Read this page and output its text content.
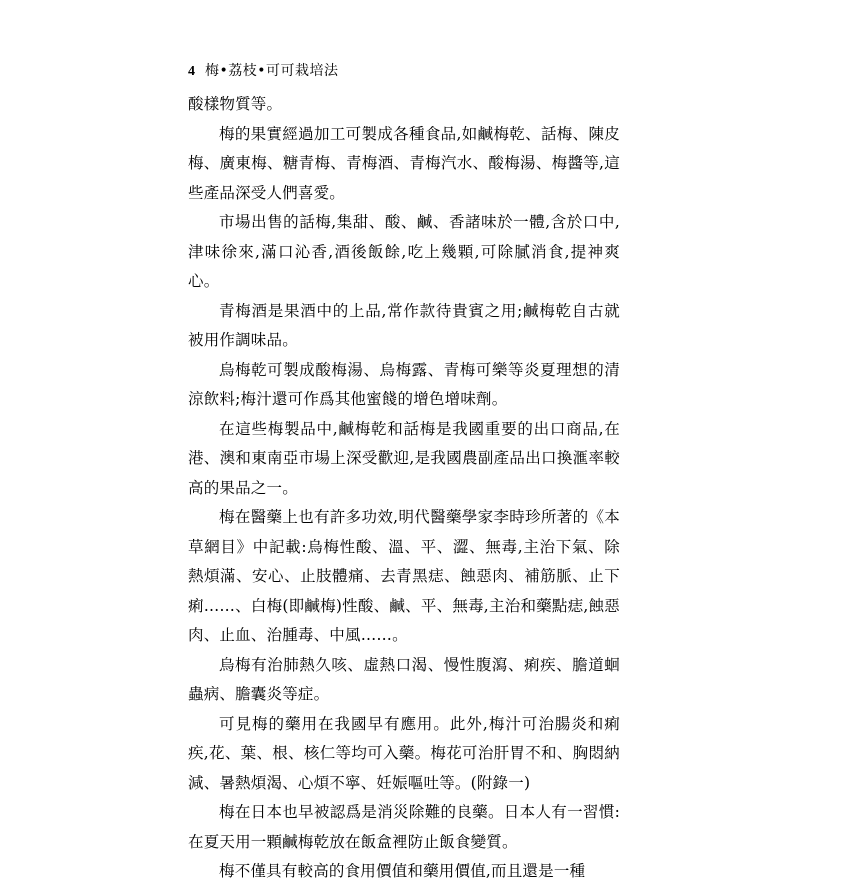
4 梅•荔枝•可可栽培法

酸樣物質等。

梅的果實經過加工可製成各種食品,如鹹梅乾、話梅、陳皮梅、廣東梅、糖青梅、青梅酒、青梅汽水、酸梅湯、梅醬等,這些產品深受人們喜愛。

市場出售的話梅,集甜、酸、鹹、香諸味於一體,含於口中,津味徐來,滿口沁香,酒後飯餘,吃上幾顆,可除膩消食,提神爽心。

青梅酒是果酒中的上品,常作款待貴賓之用;鹹梅乾自古就被用作調味品。

烏梅乾可製成酸梅湯、烏梅露、青梅可樂等炎夏理想的清涼飲料;梅汁還可作爲其他蜜餞的增色增味劑。

在這些梅製品中,鹹梅乾和話梅是我國重要的出口商品,在港、澳和東南亞市場上深受歡迎,是我國農副產品出口換滙率較高的果品之一。

梅在醫藥上也有許多功效,明代醫藥學家李時珍所著的《本草網目》中記載:烏梅性酸、溫、平、澀、無毒,主治下氣、除熱煩滿、安心、止肢體痛、去青黑痣、蝕惡肉、補筋脈、止下痢……、白梅(即鹹梅)性酸、鹹、平、無毒,主治和藥點痣,蝕惡肉、止血、治腫毒、中風……。

烏梅有治肺熱久咳、虛熱口渴、慢性腹瀉、痢疾、膽道蛔蟲病、膽囊炎等症。

可見梅的藥用在我國早有應用。此外,梅汁可治腸炎和痢疾,花、葉、根、核仁等均可入藥。梅花可治肝胃不和、胸悶納減、暑熱煩渴、心煩不寧、妊娠嘔吐等。(附錄一)

梅在日本也早被認爲是消災除難的良藥。日本人有一習慣:在夏天用一顆鹹梅乾放在飯盒裡防止飯食變質。

梅不僅具有較高的食用價值和藥用價值,而且還是一種
